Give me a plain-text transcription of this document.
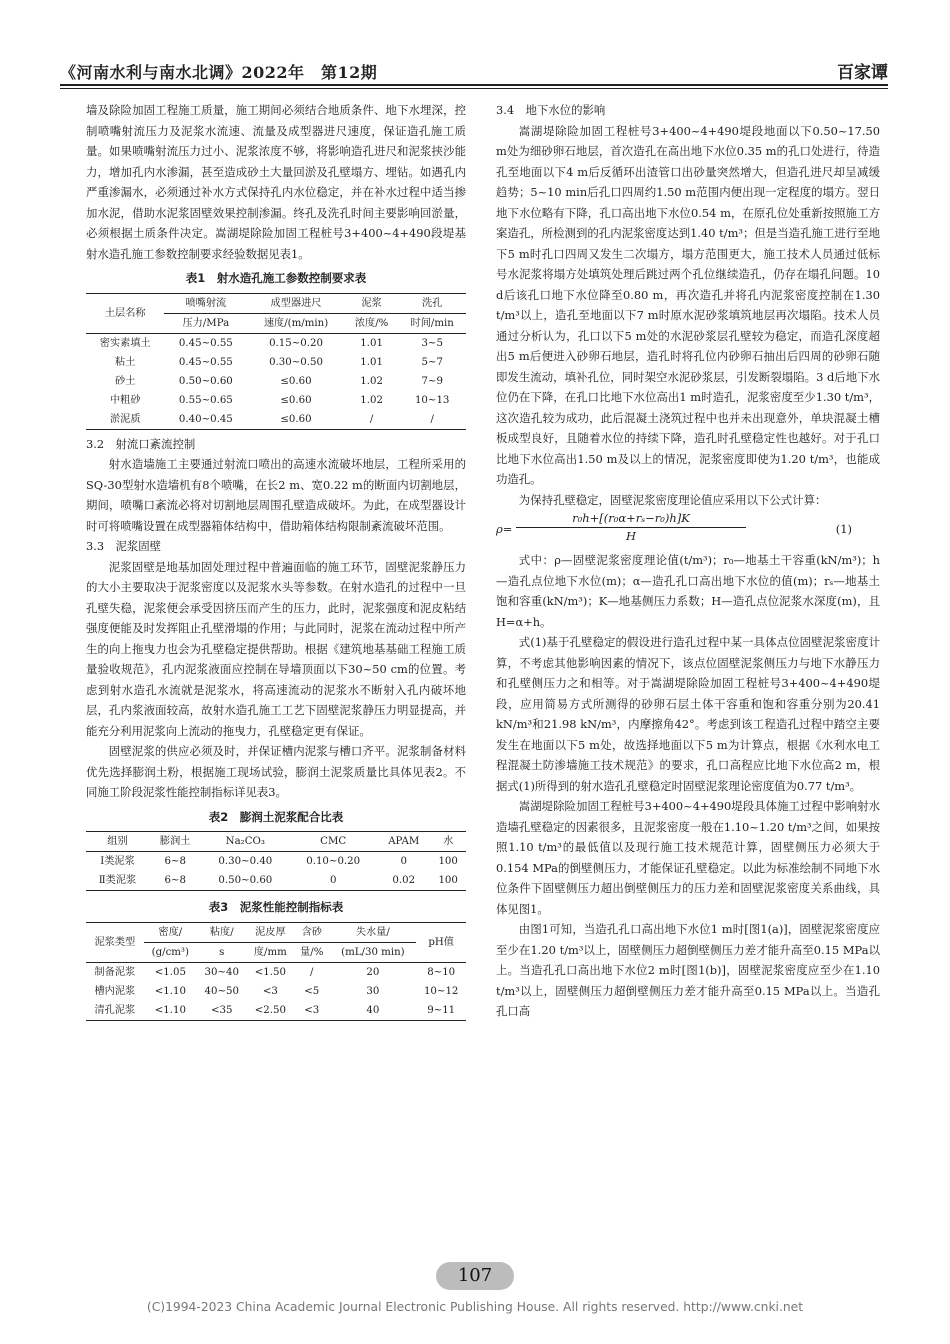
《河南水利与南水北调》2022年　第12期	百家谭

墙及除险加固工程施工质量，施工期间必须结合地质条件、地下水埋深，控制喷嘴射流压力及泥浆水流速、流量及成型器进尺速度，保证造孔施工质量。如果喷嘴射流压力过小、泥浆浓度不够，将影响造孔进尺和泥浆挟沙能力，增加孔内水渗漏，甚至造成砂土大量回淤及孔壁塌方、埋钻。如遇孔内严重渗漏水，必须通过补水方式保持孔内水位稳定，并在补水过程中适当掺加水泥，借助水泥浆固壁效果控制渗漏。终孔及洗孔时间主要影响回淤量，必须根据土质条件决定。嵩湖堤除险加固工程桩号3+400~4+490段堤基射水造孔施工参数控制要求经验数据见表1。

表1　射水造孔施工参数控制要求表
土层名称	喷嘴射流	成型器进尺	泥浆	洗孔
	压力/MPa	速度/(m/min)	浓度/%	时间/min
密实素填土	0.45~0.55	0.15~0.20	1.01	3~5
粘土	0.45~0.55	0.30~0.50	1.01	5~7
砂土	0.50~0.60	≤0.60	1.02	7~9
中粗砂	0.55~0.65	≤0.60	1.02	10~13
淤泥质	0.40~0.45	≤0.60	/	/

3.2　射流口紊流控制

射水造墙施工主要通过射流口喷出的高速水流破坏地层，工程所采用的SQ-30型射水造墙机有8个喷嘴，在长2 m、宽0.22 m的断面内切割地层，期间，喷嘴口紊流必将对切割地层周围孔壁造成破坏。为此，在成型器设计时可将喷嘴设置在成型器箱体结构中，借助箱体结构限制紊流破坏范围。

3.3　泥浆固壁

泥浆固壁是地基加固处理过程中普遍面临的施工环节，固壁泥浆静压力的大小主要取决于泥浆密度以及泥浆水头等参数。在射水造孔的过程中一旦孔壁失稳，泥浆便会承受因挤压而产生的压力，此时，泥浆强度和泥皮粘结强度便能及时发挥阻止孔壁滑塌的作用；与此同时，泥浆在流动过程中所产生的向上拖曳力也会为孔壁稳定提供帮助。根据《建筑地基基础工程施工质量验收规范》，孔内泥浆液面应控制在导墙顶面以下30~50 cm的位置。考虑到射水造孔水流就是泥浆水，将高速流动的泥浆水不断射入孔内破坏地层，孔内浆液面较高，故射水造孔施工工艺下固壁泥浆静压力明显提高，并能充分利用泥浆向上流动的拖曳力，孔壁稳定更有保证。

固壁泥浆的供应必须及时，并保证槽内泥浆与槽口齐平。泥浆制备材料优先选择膨润土粉，根据施工现场试验，膨润土泥浆质量比具体见表2。不同施工阶段泥浆性能控制指标详见表3。

表2　膨润土泥浆配合比表
组别	膨润土	Na₂CO₃	CMC	APAM	水
Ⅰ类泥浆	6~8	0.30~0.40	0.10~0.20	0	100
Ⅱ类泥浆	6~8	0.50~0.60	0	0.02	100
表3　泥浆性能控制指标表
泥浆类型	密度/	粘度/	泥皮厚	含砂	失水量/	pH值
	(g/cm³)	s	度/mm	量/%	(mL/30 min)	
制备泥浆	<1.05	30~40	<1.50	/	20	8~10
槽内泥浆	<1.10	40~50	<3	<5	30	10~12
清孔泥浆	<1.10	<35	<2.50	<3	40	9~11

3.4　地下水位的影响

嵩湖堤除险加固工程桩号3+400~4+490堤段地面以下0.50~17.50 m处为细砂卵石地层，首次造孔在高出地下水位0.35 m的孔口处进行，待造孔至地面以下4 m后反循环出渣管口出砂量突然增大，但造孔进尺却呈减缓趋势；5~10 min后孔口四周约1.50 m范围内便出现一定程度的塌方。翌日地下水位略有下降，孔口高出地下水位0.54 m，在原孔位处重新按照施工方案造孔，所检测到的孔内泥浆密度达到1.40 t/m³；但是当造孔施工进行至地下5 m时孔口四周又发生二次塌方，塌方范围更大，施工技术人员通过低标号水泥浆将塌方处填筑处理后跳过两个孔位继续造孔，仍存在塌孔问题。10 d后该孔口地下水位降至0.80 m，再次造孔并将孔内泥浆密度控制在1.30 t/m³以上，造孔至地面以下7 m时原水泥砂浆填筑地层再次塌陷。技术人员通过分析认为，孔口以下5 m处的水泥砂浆层孔壁较为稳定，而造孔深度超出5 m后便进入砂卵石地层，造孔时将孔位内砂卵石抽出后四周的砂卵石随即发生流动，填补孔位，同时架空水泥砂浆层，引发断裂塌陷。3 d后地下水位仍在下降，在孔口比地下水位高出1 m时造孔，泥浆密度至少1.30 t/m³，这次造孔较为成功，此后混凝土浇筑过程中也并未出现意外，单块混凝土槽板成型良好，且随着水位的持续下降，造孔时孔壁稳定性也越好。对于孔口比地下水位高出1.50 m及以上的情况，泥浆密度即使为1.20 t/m³，也能成功造孔。

为保持孔壁稳定，固壁泥浆密度理论值应采用以下公式计算：

ρ=
r₀h+[(r₀α+rₛ−r₀)h]K
H	(1)

式中：ρ—固壁泥浆密度理论值(t/m³)；r₀—地基土干容重(kN/m³)；h—造孔点位地下水位(m)；α—造孔孔口高出地下水位的值(m)；rₛ—地基土饱和容重(kN/m³)；K—地基侧压力系数；H—造孔点位泥浆水深度(m)，且H=α+h。

式(1)基于孔壁稳定的假设进行造孔过程中某一具体点位固壁泥浆密度计算，不考虑其他影响因素的情况下，该点位固壁泥浆侧压力与地下水静压力和孔壁侧压力之和相等。对于嵩湖堤除险加固工程桩号3+400~4+490堤段，应用简易方式所测得的砂卵石层土体干容重和饱和容重分别为20.41 kN/m³和21.98 kN/m³，内摩擦角42°。考虑到该工程造孔过程中踏空主要发生在地面以下5 m处，故选择地面以下5 m为计算点，根据《水利水电工程混凝土防渗墙施工技术规范》的要求，孔口高程应比地下水位高2 m，根据式(1)所得到的射水造孔孔壁稳定时固壁泥浆理论密度值为0.77 t/m³。

嵩湖堤除险加固工程桩号3+400~4+490堤段具体施工过程中影响射水造墙孔壁稳定的因素很多，且泥浆密度一般在1.10~1.20 t/m³之间，如果按照1.10 t/m³的最低值以及现行施工技术规范计算，固壁侧压力必须大于0.154 MPa的倒壁侧压力，才能保证孔壁稳定。以此为标准绘制不同地下水位条件下固壁侧压力超出倒壁侧压力的压力差和固壁泥浆密度关系曲线，具体见图1。

由图1可知，当造孔孔口高出地下水位1 m时[图1(a)]，固壁泥浆密度应至少在1.20 t/m³以上，固壁侧压力超倒壁侧压力差才能升高至0.15 MPa以上。当造孔孔口高出地下水位2 m时[图1(b)]，固壁泥浆密度应至少在1.10 t/m³以上，固壁侧压力超倒壁侧压力差才能升高至0.15 MPa以上。当造孔孔口高

107
(C)1994-2023 China Academic Journal Electronic Publishing House. All rights reserved. http://www.cnki.net
